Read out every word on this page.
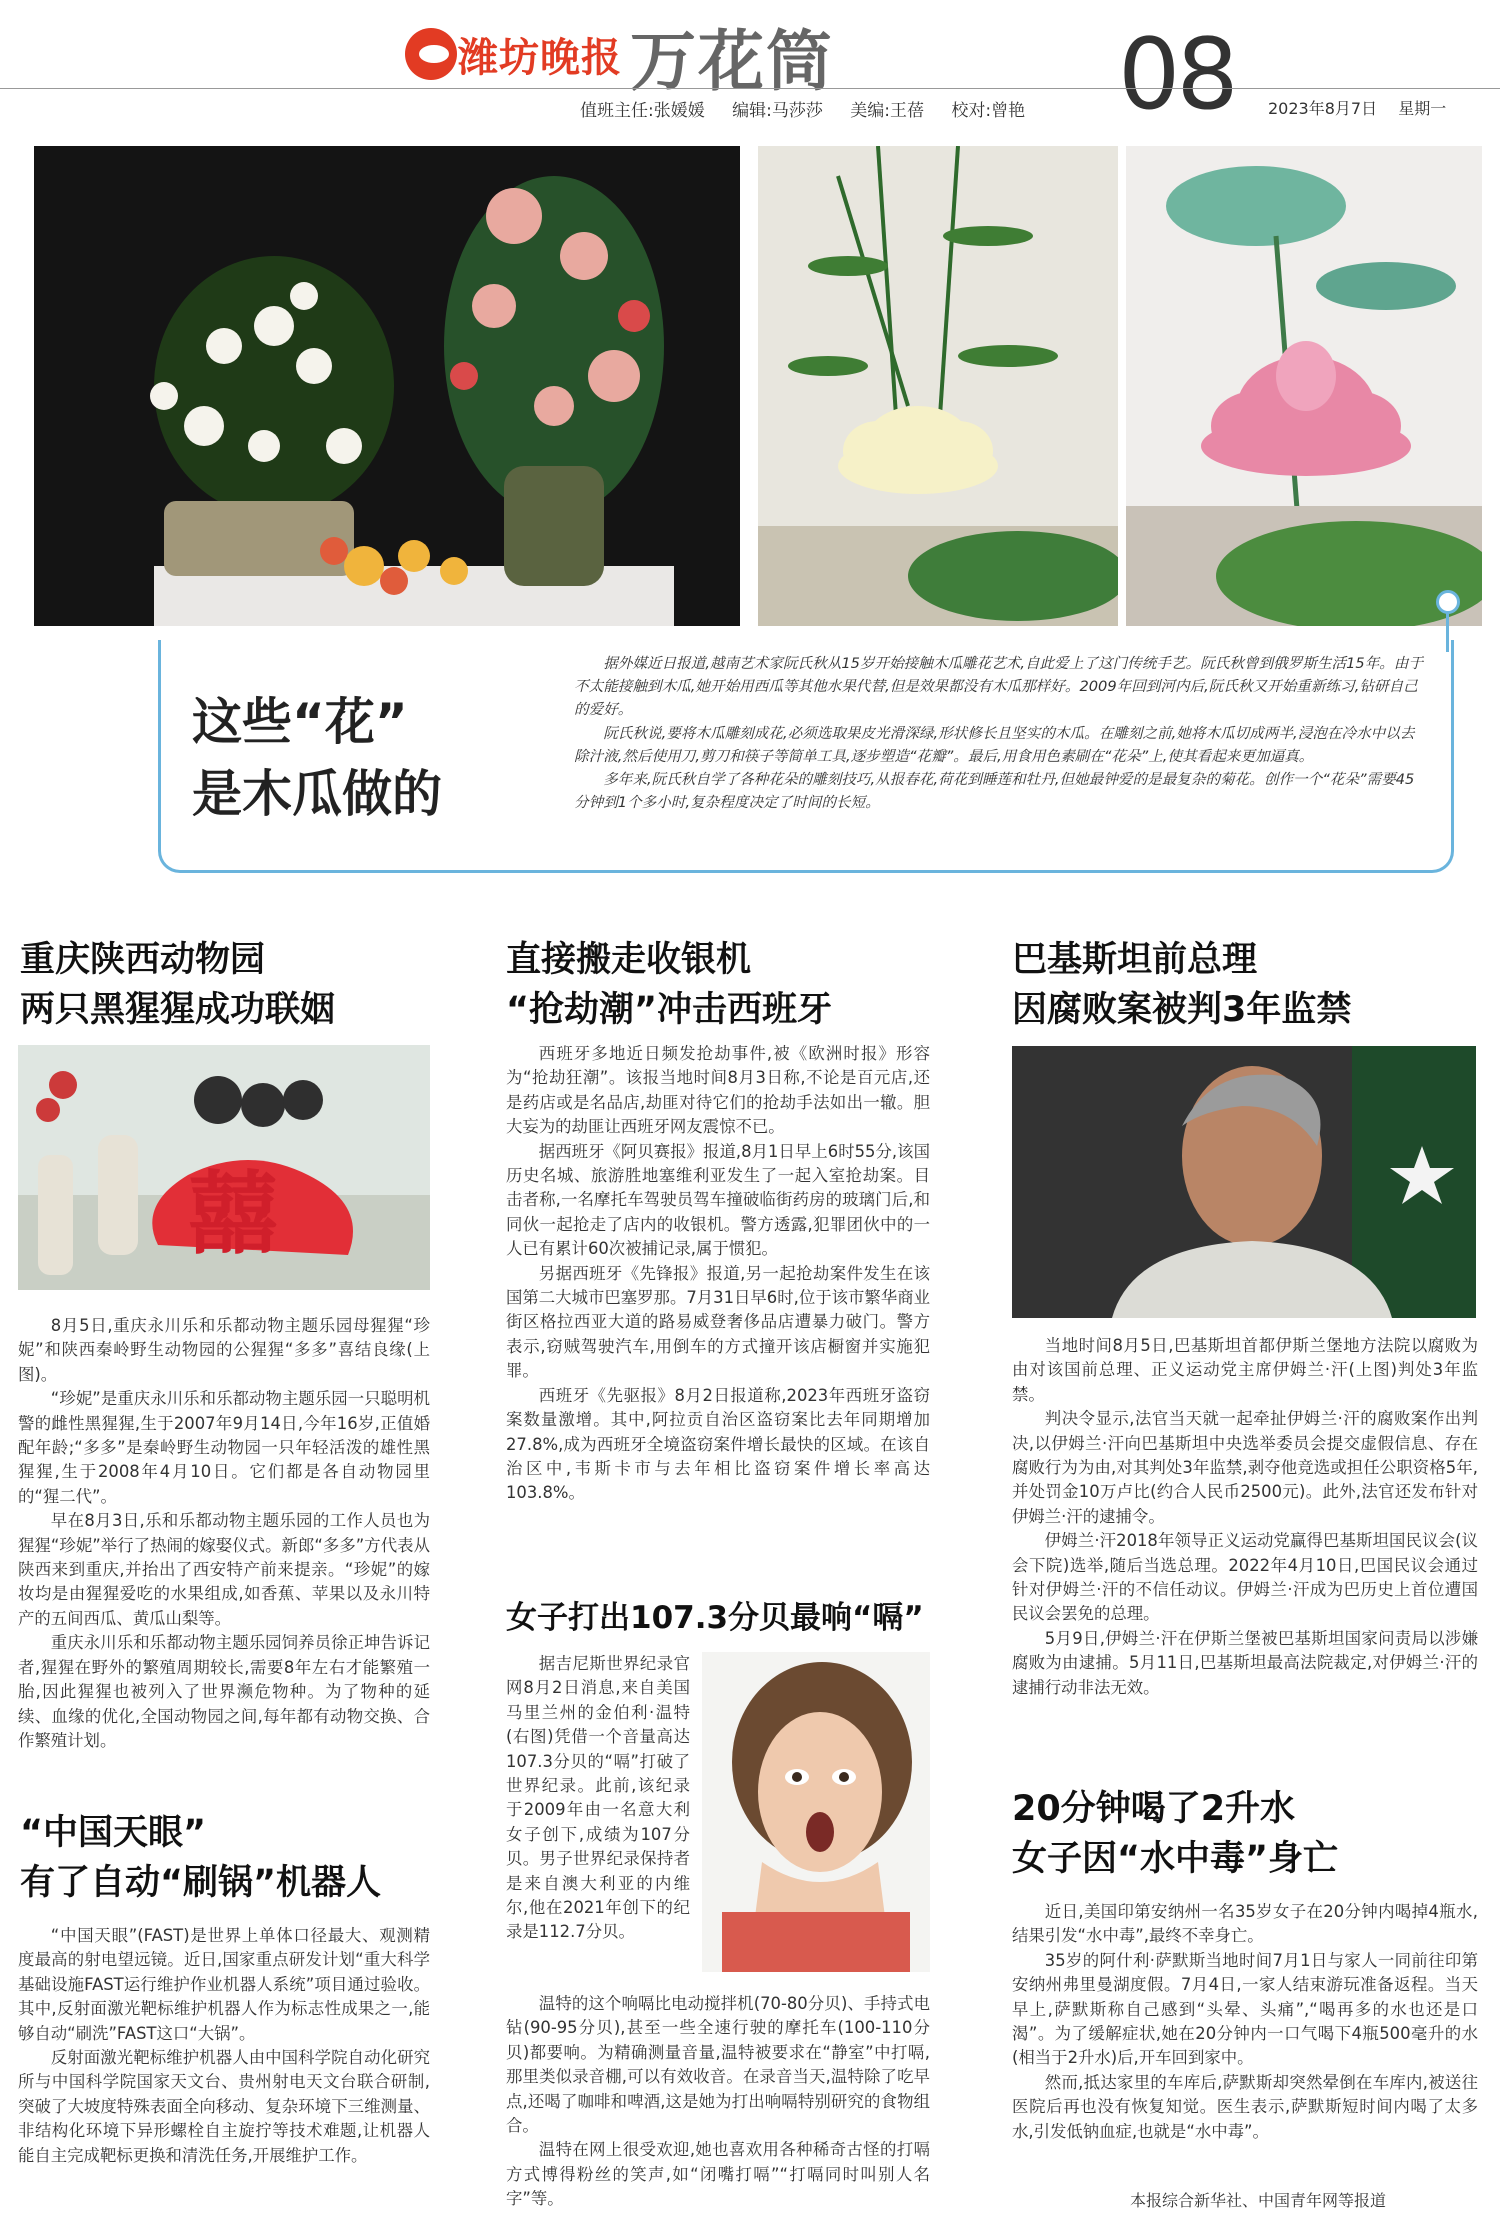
潍坊晚报 万花筒	08
值班主任:张媛媛 编辑:马莎莎 美编:王蓓 校对:曾艳	2023年8月7日 星期一
这些“花”
是木瓜做的

据外媒近日报道,越南艺术家阮氏秋从15岁开始接触木瓜雕花艺术,自此爱上了这门传统手艺。阮氏秋曾到俄罗斯生活15年。由于不太能接触到木瓜,她开始用西瓜等其他水果代替,但是效果都没有木瓜那样好。2009年回到河内后,阮氏秋又开始重新练习,钻研自己的爱好。

阮氏秋说,要将木瓜雕刻成花,必须选取果皮光滑深绿,形状修长且坚实的木瓜。在雕刻之前,她将木瓜切成两半,浸泡在冷水中以去除汁液,然后使用刀,剪刀和筷子等简单工具,逐步塑造“花瓣”。最后,用食用色素刷在“花朵”上,使其看起来更加逼真。

多年来,阮氏秋自学了各种花朵的雕刻技巧,从报春花,荷花到睡莲和牡丹,但她最钟爱的是最复杂的菊花。创作一个“花朵”需要45分钟到1个多小时,复杂程度决定了时间的长短。

重庆陕西动物园
两只黑猩猩成功联姻
囍

8月5日,重庆永川乐和乐都动物主题乐园母猩猩“珍妮”和陕西秦岭野生动物园的公猩猩“多多”喜结良缘(上图)。

“珍妮”是重庆永川乐和乐都动物主题乐园一只聪明机警的雌性黑猩猩,生于2007年9月14日,今年16岁,正值婚配年龄;“多多”是秦岭野生动物园一只年轻活泼的雄性黑猩猩,生于2008年4月10日。它们都是各自动物园里的“猩二代”。

早在8月3日,乐和乐都动物主题乐园的工作人员也为猩猩“珍妮”举行了热闹的嫁娶仪式。新郎“多多”方代表从陕西来到重庆,并抬出了西安特产前来提亲。“珍妮”的嫁妆均是由猩猩爱吃的水果组成,如香蕉、苹果以及永川特产的五间西瓜、黄瓜山梨等。

重庆永川乐和乐都动物主题乐园饲养员徐正坤告诉记者,猩猩在野外的繁殖周期较长,需要8年左右才能繁殖一胎,因此猩猩也被列入了世界濒危物种。为了物种的延续、血缘的优化,全国动物园之间,每年都有动物交换、合作繁殖计划。

“中国天眼”
有了自动“刷锅”机器人

“中国天眼”(FAST)是世界上单体口径最大、观测精度最高的射电望远镜。近日,国家重点研发计划“重大科学基础设施FAST运行维护作业机器人系统”项目通过验收。其中,反射面激光靶标维护机器人作为标志性成果之一,能够自动“刷洗”FAST这口“大锅”。

反射面激光靶标维护机器人由中国科学院自动化研究所与中国科学院国家天文台、贵州射电天文台联合研制,突破了大坡度特殊表面全向移动、复杂环境下三维测量、非结构化环境下异形螺栓自主旋拧等技术难题,让机器人能自主完成靶标更换和清洗任务,开展维护工作。

直接搬走收银机
“抢劫潮”冲击西班牙

西班牙多地近日频发抢劫事件,被《欧洲时报》形容为“抢劫狂潮”。该报当地时间8月3日称,不论是百元店,还是药店或是名品店,劫匪对待它们的抢劫手法如出一辙。胆大妄为的劫匪让西班牙网友震惊不已。

据西班牙《阿贝赛报》报道,8月1日早上6时55分,该国历史名城、旅游胜地塞维利亚发生了一起入室抢劫案。目击者称,一名摩托车驾驶员驾车撞破临街药房的玻璃门后,和同伙一起抢走了店内的收银机。警方透露,犯罪团伙中的一人已有累计60次被捕记录,属于惯犯。

另据西班牙《先锋报》报道,另一起抢劫案件发生在该国第二大城市巴塞罗那。7月31日早6时,位于该市繁华商业街区格拉西亚大道的路易威登奢侈品店遭暴力破门。警方表示,窃贼驾驶汽车,用倒车的方式撞开该店橱窗并实施犯罪。

西班牙《先驱报》8月2日报道称,2023年西班牙盗窃案数量激增。其中,阿拉贡自治区盗窃案比去年同期增加27.8%,成为西班牙全境盗窃案件增长最快的区域。在该自治区中,韦斯卡市与去年相比盗窃案件增长率高达103.8%。

女子打出107.3分贝最响“嗝”

据吉尼斯世界纪录官网8月2日消息,来自美国马里兰州的金伯利·温特(右图)凭借一个音量高达107.3分贝的“嗝”打破了世界纪录。此前,该纪录于2009年由一名意大利女子创下,成绩为107分贝。男子世界纪录保持者是来自澳大利亚的内维尔,他在2021年创下的纪录是112.7分贝。

温特的这个响嗝比电动搅拌机(70-80分贝)、手持式电钻(90-95分贝),甚至一些全速行驶的摩托车(100-110分贝)都要响。为精确测量音量,温特被要求在“静室”中打嗝,那里类似录音棚,可以有效收音。在录音当天,温特除了吃早点,还喝了咖啡和啤酒,这是她为打出响嗝特别研究的食物组合。

温特在网上很受欢迎,她也喜欢用各种稀奇古怪的打嗝方式博得粉丝的笑声,如“闭嘴打嗝”“打嗝同时叫别人名字”等。

巴基斯坦前总理
因腐败案被判3年监禁

当地时间8月5日,巴基斯坦首都伊斯兰堡地方法院以腐败为由对该国前总理、正义运动党主席伊姆兰·汗(上图)判处3年监禁。

判决令显示,法官当天就一起牵扯伊姆兰·汗的腐败案作出判决,以伊姆兰·汗向巴基斯坦中央选举委员会提交虚假信息、存在腐败行为为由,对其判处3年监禁,剥夺他竞选或担任公职资格5年,并处罚金10万卢比(约合人民币2500元)。此外,法官还发布针对伊姆兰·汗的逮捕令。

伊姆兰·汗2018年领导正义运动党赢得巴基斯坦国民议会(议会下院)选举,随后当选总理。2022年4月10日,巴国民议会通过针对伊姆兰·汗的不信任动议。伊姆兰·汗成为巴历史上首位遭国民议会罢免的总理。

5月9日,伊姆兰·汗在伊斯兰堡被巴基斯坦国家问责局以涉嫌腐败为由逮捕。5月11日,巴基斯坦最高法院裁定,对伊姆兰·汗的逮捕行动非法无效。

20分钟喝了2升水
女子因“水中毒”身亡

近日,美国印第安纳州一名35岁女子在20分钟内喝掉4瓶水,结果引发“水中毒”,最终不幸身亡。

35岁的阿什利·萨默斯当地时间7月1日与家人一同前往印第安纳州弗里曼湖度假。7月4日,一家人结束游玩准备返程。当天早上,萨默斯称自己感到“头晕、头痛”,“喝再多的水也还是口渴”。为了缓解症状,她在20分钟内一口气喝下4瓶500毫升的水(相当于2升水)后,开车回到家中。

然而,抵达家里的车库后,萨默斯却突然晕倒在车库内,被送往医院后再也没有恢复知觉。医生表示,萨默斯短时间内喝了太多水,引发低钠血症,也就是“水中毒”。

本报综合新华社、中国青年网等报道
